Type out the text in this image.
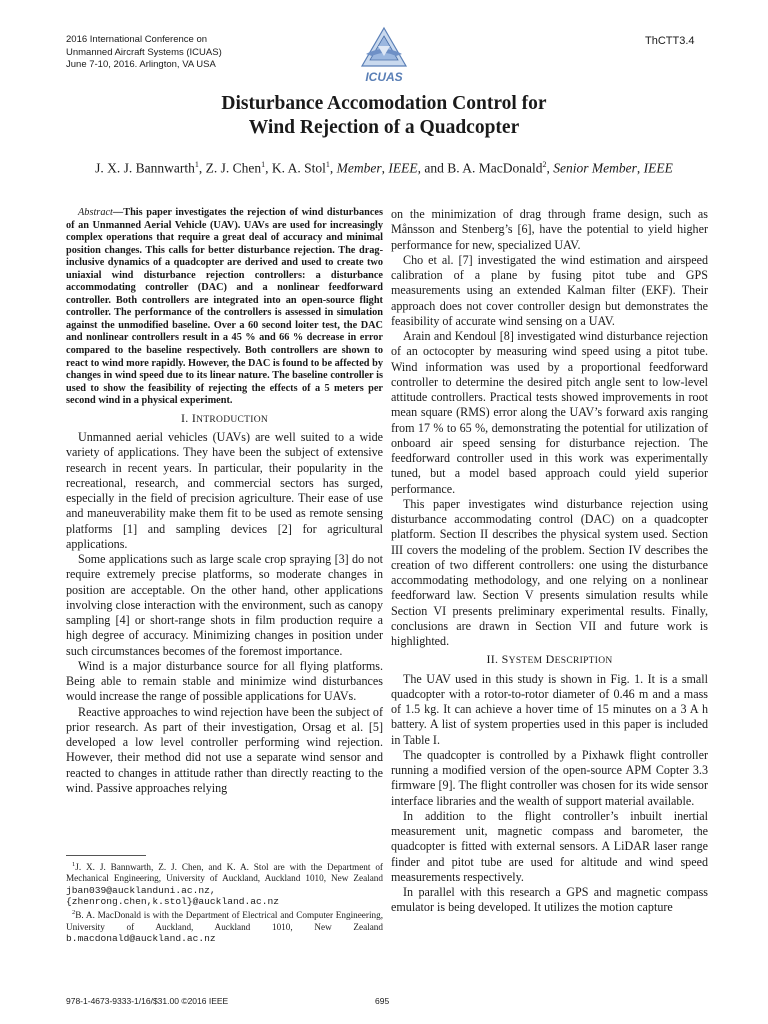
2016 International Conference on
Unmanned Aircraft Systems (ICUAS)
June 7-10, 2016. Arlington, VA USA
ICUAS
ThCTT3.4
Disturbance Accomodation Control for
Wind Rejection of a Quadcopter
J. X. J. Bannwarth$^1$, Z. J. Chen$^1$, K. A. Stol$^1$, Member, IEEE, and B. A. MacDonald$^2$, Senior Member, IEEE

Abstract—This paper investigates the rejection of wind disturbances of an Unmanned Aerial Vehicle (UAV). UAVs are used for increasingly complex operations that require a great deal of accuracy and minimal position changes. This calls for better disturbance rejection. The drag-inclusive dynamics of a quadcopter are derived and used to create two uniaxial wind disturbance rejection controllers: a disturbance accommodating controller (DAC) and a nonlinear feedforward controller. Both controllers are integrated into an open-source flight controller. The performance of the controllers is assessed in simulation against the unmodified baseline. Over a 60 second loiter test, the DAC and nonlinear controllers result in a 45 % and 66 % decrease in error compared to the baseline respectively. Both controllers are shown to react to wind more rapidly. However, the DAC is found to be affected by changes in wind speed due to its linear nature. The baseline controller is used to show the feasibility of rejecting the effects of a 5 meters per second wind in a physical experiment.

I. INTRODUCTION

Unmanned aerial vehicles (UAVs) are well suited to a wide variety of applications. They have been the subject of extensive research in recent years. In particular, their popularity in the recreational, research, and commercial sectors has surged, especially in the field of precision agriculture. Their ease of use and maneuverability make them fit to be used as remote sensing platforms [1] and sampling devices [2] for agricultural applications.

Some applications such as large scale crop spraying [3] do not require extremely precise platforms, so moderate changes in position are acceptable. On the other hand, other applications involving close interaction with the environment, such as canopy sampling [4] or short-range shots in film production require a high degree of accuracy. Minimizing changes in position under such circumstances becomes of the foremost importance.

Wind is a major disturbance source for all flying platforms. Being able to remain stable and minimize wind disturbances would increase the range of possible applications for UAVs.

Reactive approaches to wind rejection have been the subject of prior research. As part of their investigation, Orsag et al. [5] developed a low level controller performing wind rejection. However, their method did not use a separate wind sensor and reacted to changes in attitude rather than directly reacting to the wind. Passive approaches relying

$^1$J. X. J. Bannwarth, Z. J. Chen, and K. A. Stol are with the Department of Mechanical Engineering, University of Auckland, Auckland 1010, New Zealand jban039@aucklanduni.ac.nz, {zhenrong.chen,k.stol}@auckland.ac.nz

$^2$B. A. MacDonald is with the Department of Electrical and Computer Engineering, University of Auckland, Auckland 1010, New Zealand b.macdonald@auckland.ac.nz

on the minimization of drag through frame design, such as Månsson and Stenberg’s [6], have the potential to yield higher performance for new, specialized UAV.

Cho et al. [7] investigated the wind estimation and airspeed calibration of a plane by fusing pitot tube and GPS measurements using an extended Kalman filter (EKF). Their approach does not cover controller design but demonstrates the feasibility of accurate wind sensing on a UAV.

Arain and Kendoul [8] investigated wind disturbance rejection of an octocopter by measuring wind speed using a pitot tube. Wind information was used by a proportional feedforward controller to determine the desired pitch angle sent to low-level attitude controllers. Practical tests showed improvements in root mean square (RMS) error along the UAV’s forward axis ranging from 17 % to 65 %, demonstrating the potential for utilization of onboard air speed sensing for disturbance rejection. The feedforward controller used in this work was experimentally tuned, but a model based approach could yield superior performance.

This paper investigates wind disturbance rejection using disturbance accommodating control (DAC) on a quadcopter platform. Section II describes the physical system used. Section III covers the modeling of the problem. Section IV describes the creation of two different controllers: one using the disturbance accommodating methodology, and one relying on a nonlinear feedforward law. Section V presents simulation results while Section VI presents preliminary experimental results. Finally, conclusions are drawn in Section VII and future work is highlighted.

II. SYSTEM DESCRIPTION

The UAV used in this study is shown in Fig. 1. It is a small quadcopter with a rotor-to-rotor diameter of 0.46 m and a mass of 1.5 kg. It can achieve a hover time of 15 minutes on a 3 A h battery. A list of system properties used in this paper is included in Table I.

The quadcopter is controlled by a Pixhawk flight controller running a modified version of the open-source APM Copter 3.3 firmware [9]. The flight controller was chosen for its wide sensor interface libraries and the wealth of support material available.

In addition to the flight controller’s inbuilt inertial measurement unit, magnetic compass and barometer, the quadcopter is fitted with external sensors. A LiDAR laser range finder and pitot tube are used for altitude and wind speed measurements respectively.

In parallel with this research a GPS and magnetic compass emulator is being developed. It utilizes the motion capture

978-1-4673-9333-1/16/$31.00 ©2016 IEEE	695
